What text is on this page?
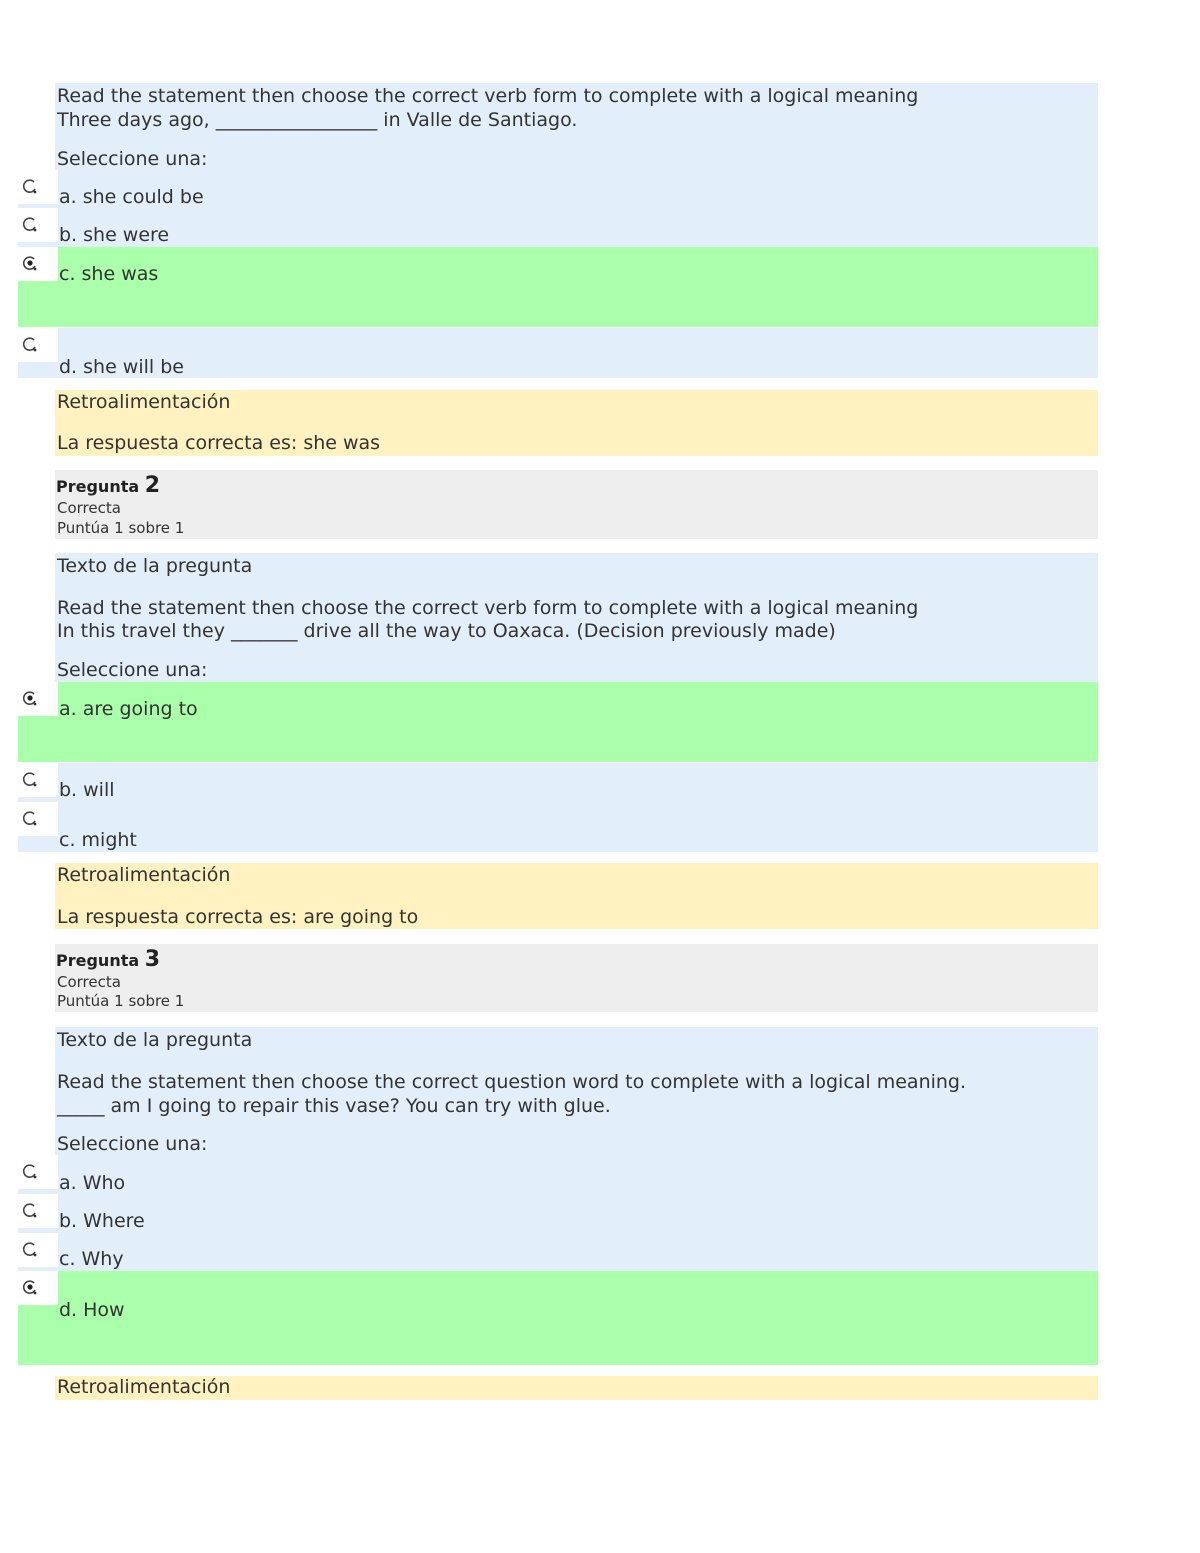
Read the statement then choose the correct verb form to complete with a logical meaning
Three days ago, _________________ in Valle de Santiago.
Seleccione una:
a. she could be
b. she were
c. she was
d. she will be
Retroalimentación
La respuesta correcta es: she was
Pregunta 2
Correcta
Puntúa 1 sobre 1
Texto de la pregunta
Read the statement then choose the correct verb form to complete with a logical meaning
In this travel they _______ drive all the way to Oaxaca. (Decision previously made)
Seleccione una:
a. are going to
b. will
c. might
Retroalimentación
La respuesta correcta es: are going to
Pregunta 3
Correcta
Puntúa 1 sobre 1
Texto de la pregunta
Read the statement then choose the correct question word to complete with a logical meaning.
_____ am I going to repair this vase? You can try with glue.
Seleccione una:
a. Who
b. Where
c. Why
d. How
Retroalimentación
